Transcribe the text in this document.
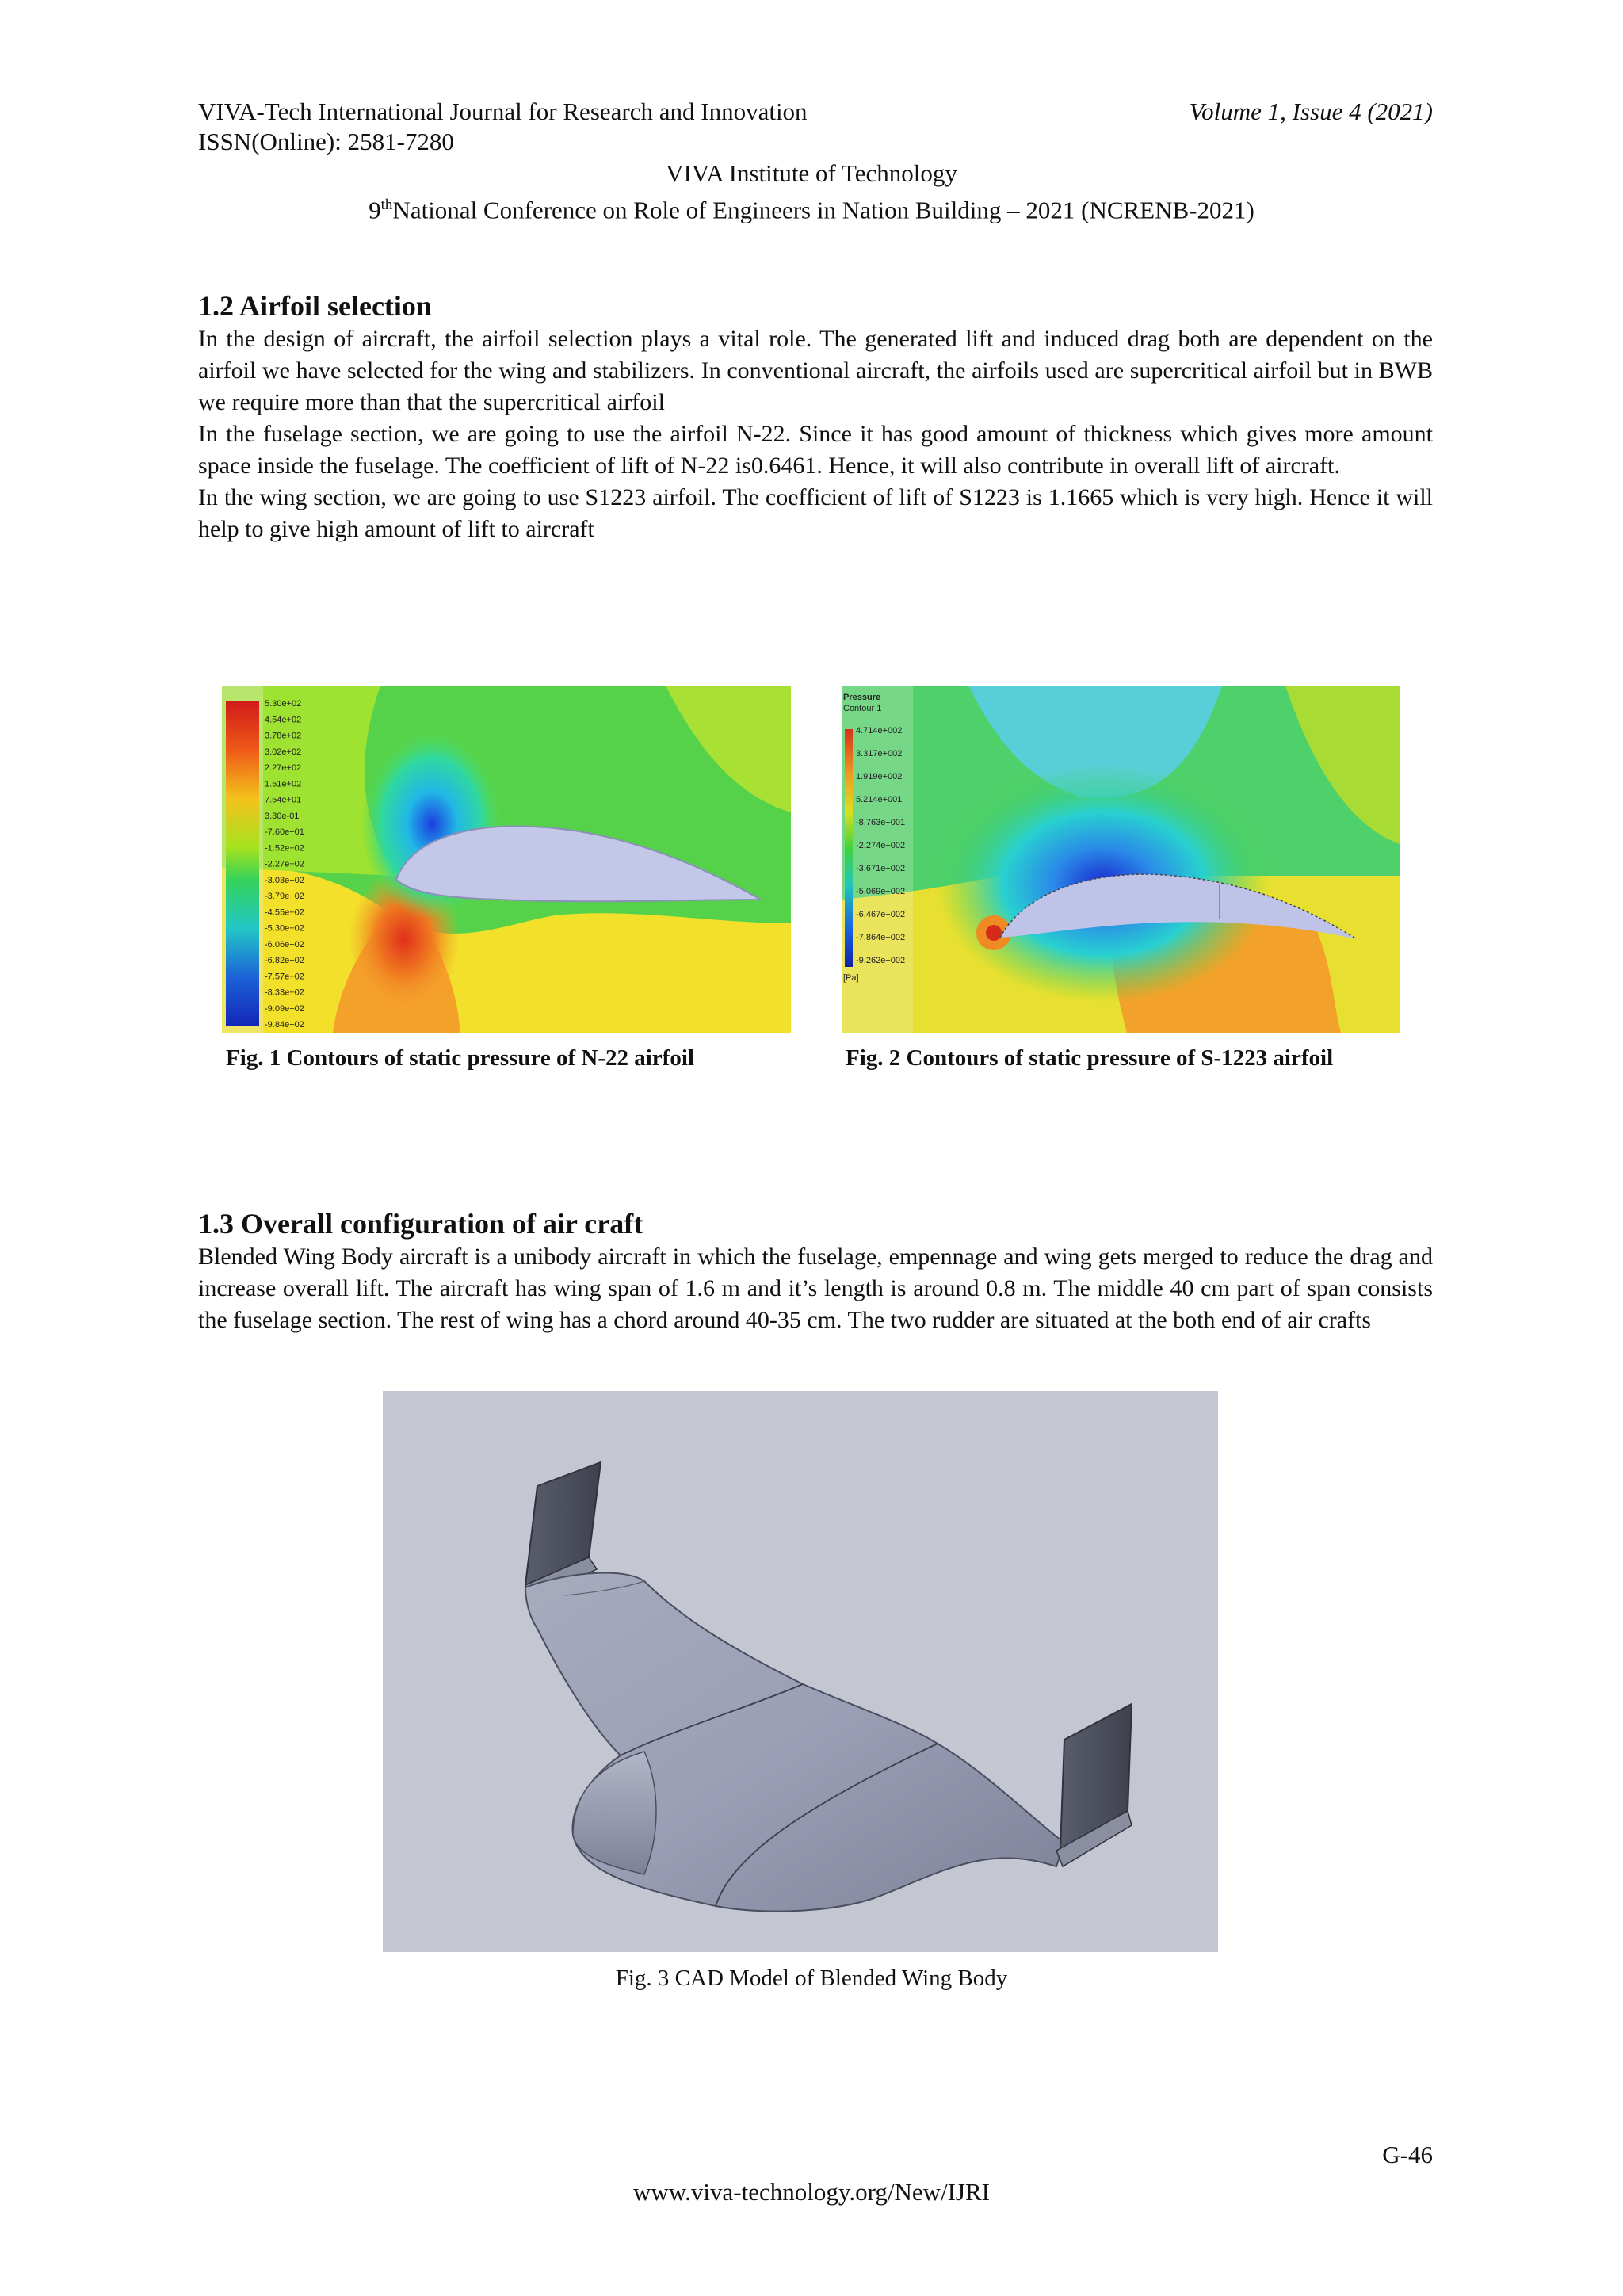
VIVA-Tech International Journal for Research and Innovation	Volume 1, Issue 4 (2021)
ISSN(Online): 2581-7280
VIVA Institute of Technology
9thNational Conference on Role of Engineers in Nation Building – 2021 (NCRENB-2021)
1.2 Airfoil selection

In the design of aircraft, the airfoil selection plays a vital role. The generated lift and induced drag both are dependent on the airfoil we have selected for the wing and stabilizers. In conventional aircraft, the airfoils used are supercritical airfoil but in BWB we require more than that the supercritical airfoil

In the fuselage section, we are going to use the airfoil N-22. Since it has good amount of thickness which gives more amount space inside the fuselage. The coefficient of lift of N-22 is0.6461. Hence, it will also contribute in overall lift of aircraft.

In the wing section, we are going to use S1223 airfoil. The coefficient of lift of S1223 is 1.1665 which is very high. Hence it will help to give high amount of lift to aircraft

5.30e+02
4.54e+02
3.78e+02
3.02e+02
2.27e+02
1.51e+02
7.54e+01
3.30e-01
-7.60e+01
-1.52e+02
-2.27e+02
-3.03e+02
-3.79e+02
-4.55e+02
-5.30e+02
-6.06e+02
-6.82e+02
-7.57e+02
-8.33e+02
-9.09e+02
-9.84e+02
Fig. 1 Contours of static pressure of N-22 airfoil
Pressure
Contour 1
4.714e+002
3.317e+002
1.919e+002
5.214e+001
-8.763e+001
-2.274e+002
-3.671e+002
-5.069e+002
-6.467e+002
-7.864e+002
-9.262e+002
[Pa]
Fig. 2 Contours of static pressure of S-1223 airfoil
1.3 Overall configuration of air craft
Blended Wing Body aircraft is a unibody aircraft in which the fuselage, empennage and wing gets merged to reduce the drag and increase overall lift. The aircraft has wing span of 1.6 m and it’s length is around 0.8 m. The middle 40 cm part of span consists the fuselage section. The rest of wing has a chord around 40-35 cm. The two rudder are situated at the both end of air crafts
Fig. 3 CAD Model of Blended Wing Body
G-46
www.viva-technology.org/New/IJRI
